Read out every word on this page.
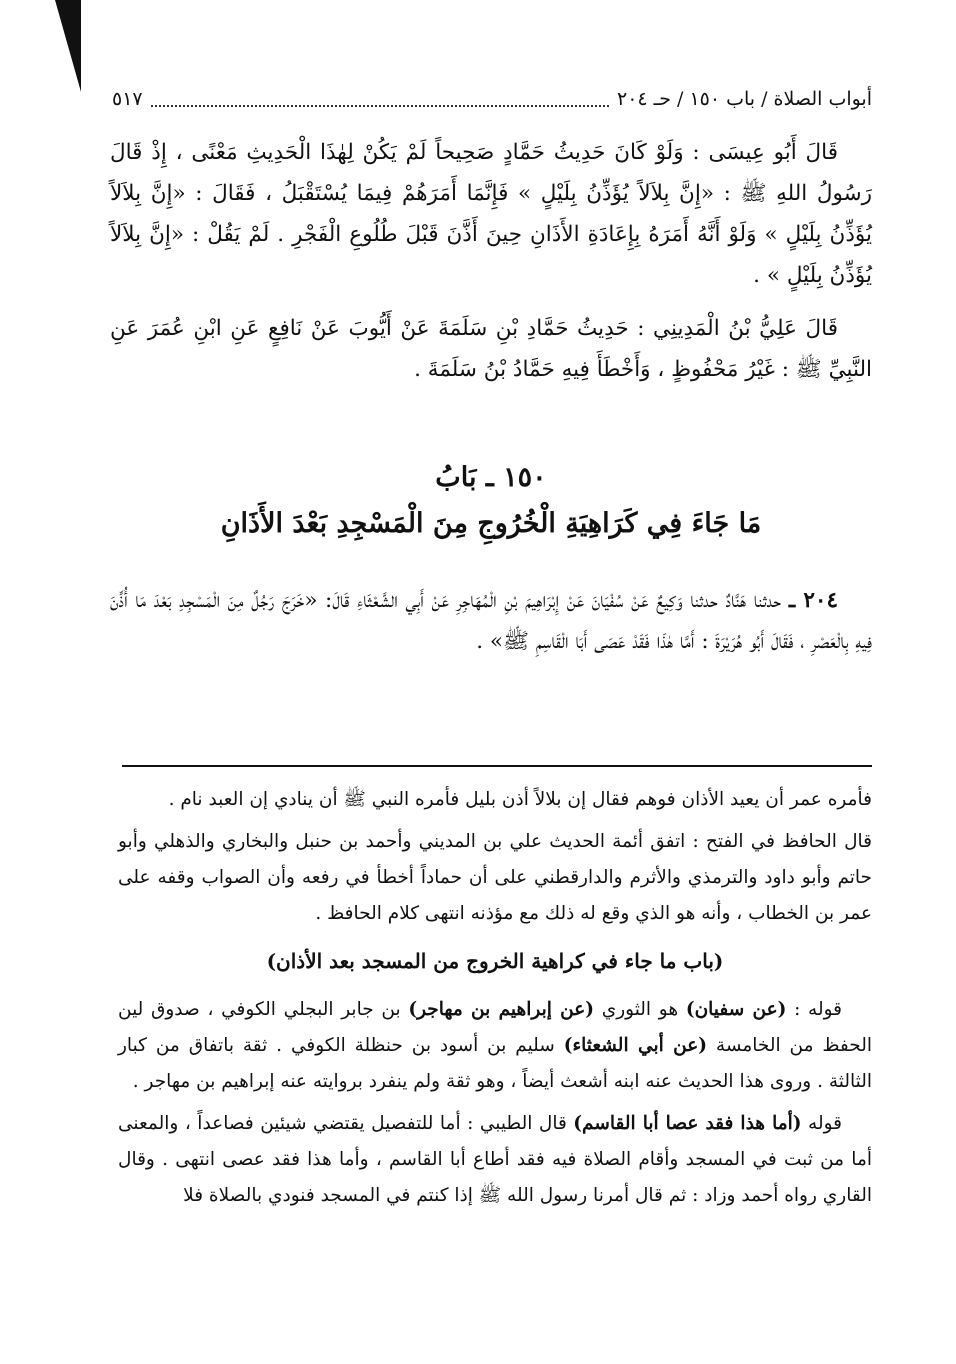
أبواب الصلاة / باب ١٥٠ / حـ ٢٠٤
٥١٧

قَالَ أَبُو عِيسَى : وَلَوْ كَانَ حَدِيثُ حَمَّادٍ صَحِيحاً لَمْ يَكُنْ لِهٰذَا الْحَدِيثِ مَعْنًى ، إِذْ قَالَ رَسُولُ اللهِ ﷺ : «إِنَّ بِلاَلاً يُؤَذِّنُ بِلَيْلٍ » فَإِنَّمَا أَمَرَهُمْ فِيمَا يُسْتَقْبَلُ ، فَقَالَ : «إِنَّ بِلاَلاً يُؤَذِّنُ بِلَيْلٍ » وَلَوْ أَنَّهُ أَمَرَهُ بِإِعَادَةِ الأَذَانِ حِينَ أَذَّنَ قَبْلَ طُلُوعِ الْفَجْرِ . لَمْ يَقُلْ : «إِنَّ بِلاَلاً يُؤَذِّنُ بِلَيْلٍ » .

قَالَ عَلِيُّ بْنُ الْمَدِينِي : حَدِيثُ حَمَّادِ بْنِ سَلَمَةَ عَنْ أَيُّوبَ عَنْ نَافِعٍ عَنِ ابْنِ عُمَرَ عَنِ النَّبِيِّ ﷺ : غَيْرُ مَحْفُوظٍ ، وَأَخْطَأَ فِيهِ حَمَّادُ بْنُ سَلَمَةَ .

١٥٠ ـ بَابُ
مَا جَاءَ فِي كَرَاهِيَةِ الْخُرُوجِ مِنَ الْمَسْجِدِ بَعْدَ الأَذَانِ

٢٠٤ ـ حدثنا هَنَّادٌ حدثنا وَكِيعٌ عَنْ سُفْيَانَ عَنْ إِبْرَاهِيمَ بْنِ الْمُهَاجِرِ عَنْ أَبِي الشَّعْثَاءِ قَالَ: «خَرَجَ رَجُلٌ مِنَ الْمَسْجِدِ بَعْدَ مَا أُذِّنَ فِيهِ بِالْعَصْرِ ، فَقَالَ أَبُو هُرَيْرَةَ : أَمَّا هٰذَا فَقَدْ عَصَى أَبَا الْقَاسِمِ ﷺ» .

فأمره عمر أن يعيد الأذان فوهم فقال إن بلالاً أذن بليل فأمره النبي ﷺ أن ينادي إن العبد نام .

قال الحافظ في الفتح : اتفق أئمة الحديث علي بن المديني وأحمد بن حنبل والبخاري والذهلي وأبو حاتم وأبو داود والترمذي والأثرم والدارقطني على أن حماداً أخطأ في رفعه وأن الصواب وقفه على عمر بن الخطاب ، وأنه هو الذي وقع له ذلك مع مؤذنه انتهى كلام الحافظ .

(باب ما جاء في كراهية الخروج من المسجد بعد الأذان)

قوله : (عن سفيان) هو الثوري (عن إبراهيم بن مهاجر) بن جابر البجلي الكوفي ، صدوق لين الحفظ من الخامسة (عن أبي الشعثاء) سليم بن أسود بن حنظلة الكوفي . ثقة باتفاق من كبار الثالثة . وروى هذا الحديث عنه ابنه أشعث أيضاً ، وهو ثقة ولم ينفرد بروايته عنه إبراهيم بن مهاجر .

قوله (أما هذا فقد عصا أبا القاسم) قال الطيبي : أما للتفصيل يقتضي شيئين فصاعداً ، والمعنى أما من ثبت في المسجد وأقام الصلاة فيه فقد أطاع أبا القاسم ، وأما هذا فقد عصى انتهى . وقال القاري رواه أحمد وزاد : ثم قال أمرنا رسول الله ﷺ إذا كنتم في المسجد فنودي بالصلاة فلا
